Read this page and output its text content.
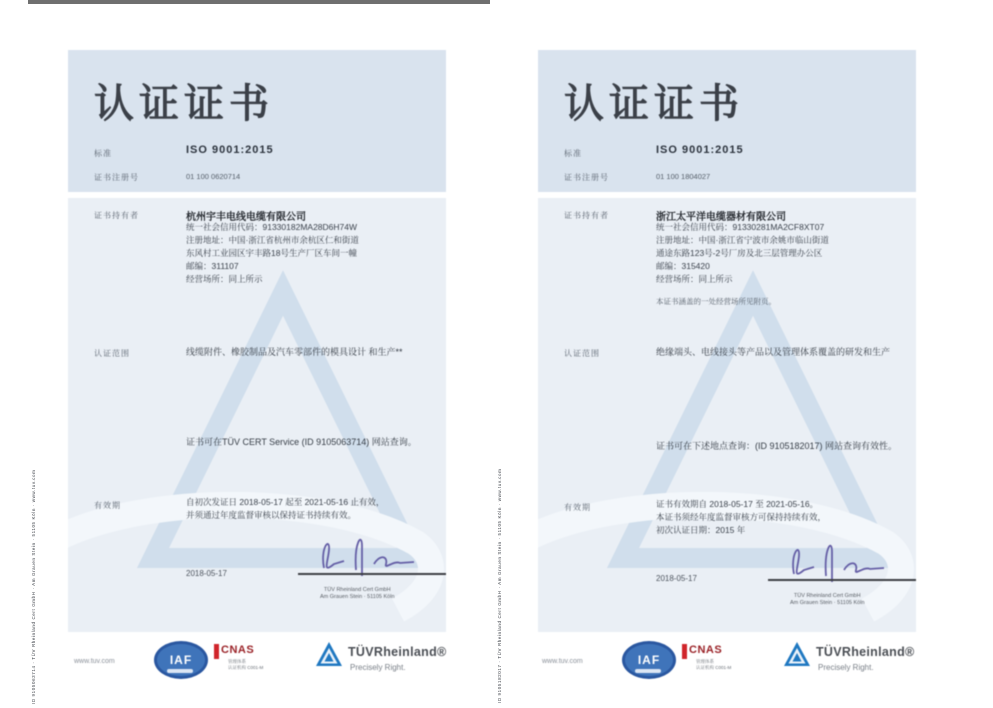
认证证书
标准	ISO 9001:2015
证书注册号	01 100 0620714
证书持有者	杭州宇丰电线电缆有限公司
统一社会信用代码：91330182MA28D6H74W
注册地址：中国·浙江省杭州市余杭区仁和街道
东风村工业园区宇丰路18号生产厂区车间一幢
邮编：311107
经营场所：同上所示
认证范围	线缆附件、橡胶制品及汽车零部件的模具设计 和生产**
证书可在TÜV CERT Service (ID 9105063714) 网站查询。
有效期	自初次发证日 2018-05-17 起至 2021-05-16 止有效，
并须通过年度监督审核以保持证书持续有效。
2018-05-17
TÜV Rheinland Cert GmbH
Am Grauen Stein · 51105 Köln
认证证书
标准	ISO 9001:2015
证书注册号	01 100 1804027
证书持有者	浙江太平洋电缆器材有限公司
统一社会信用代码：91330281MA2CF8XT07
注册地址：中国·浙江省宁波市余姚市临山街道
通途东路123号-2号厂房及北三层管理办公区
邮编：315420
经营场所：同上所示
本证书涵盖的一处经营场所见附页。
认证范围	绝缘端头、电线接头等产品以及管理体系覆盖的研发和生产
证书可在下述地点查询：(ID 9105182017) 网站查询有效性。
有效期	证书有效期自 2018-05-17 至 2021-05-16。
本证书须经年度监督审核方可保持持续有效，
初次认证日期：2015 年
2018-05-17
TÜV Rheinland Cert GmbH
Am Grauen Stein · 51105 Köln
ID 9105063714 · TÜV Rheinland Cert GmbH · Am Grauen Stein · 51105 Köln · www.tuv.com	ID 9105182017 · TÜV Rheinland Cert GmbH · Am Grauen Stein · 51105 Köln · www.tuv.com
www.tuv.com	IAF
CNAS
管理体系
认证机构 C001-M
TÜVRheinland®
Precisely Right.
www.tuv.com	IAF
CNAS
管理体系
认证机构 C001-M
TÜVRheinland®
Precisely Right.
